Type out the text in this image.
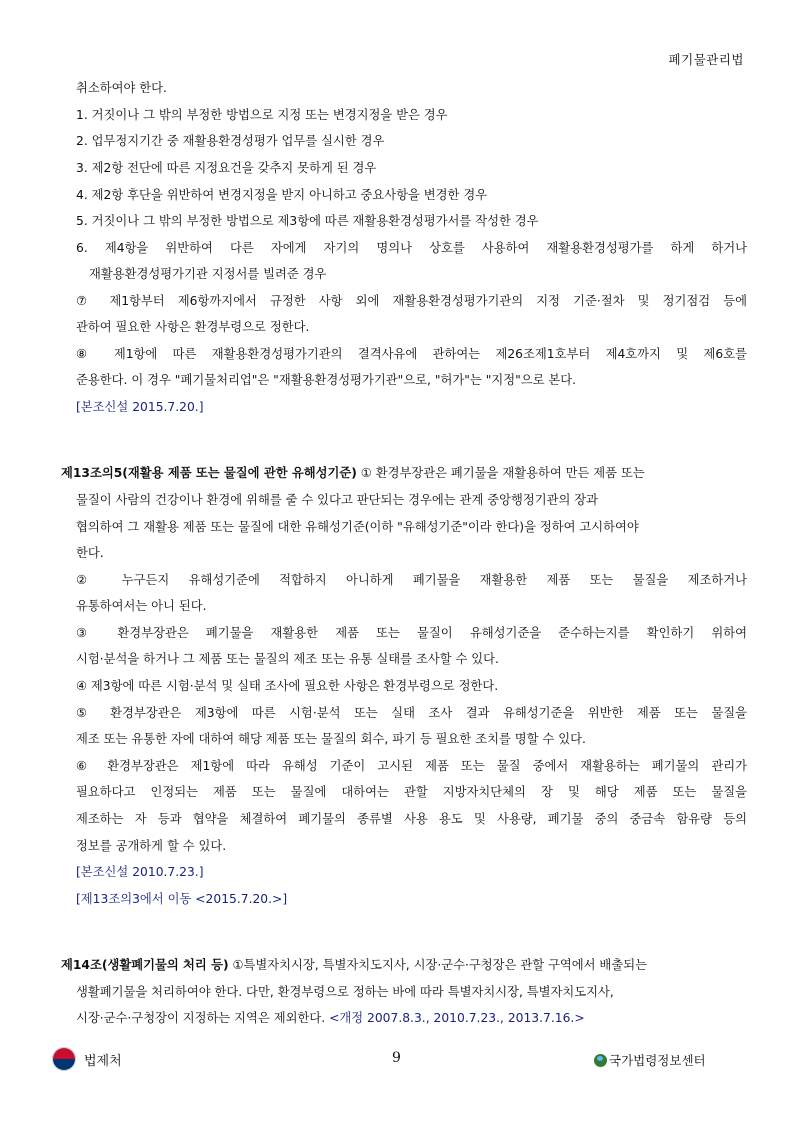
폐기물관리법
취소하여야 한다.
1. 거짓이나 그 밖의 부정한 방법으로 지정 또는 변경지정을 받은 경우
2. 업무정지기간 중 재활용환경성평가 업무를 실시한 경우
3. 제2항 전단에 따른 지정요건을 갖추지 못하게 된 경우
4. 제2항 후단을 위반하여 변경지정을 받지 아니하고 중요사항을 변경한 경우
5. 거짓이나 그 밖의 부정한 방법으로 제3항에 따른 재활용환경성평가서를 작성한 경우
6. 제4항을 위반하여 다른 자에게 자기의 명의나 상호를 사용하여 재활용환경성평가를 하게 하거나
재활용환경성평가기관 지정서를 빌려준 경우
⑦ 제1항부터 제6항까지에서 규정한 사항 외에 재활용환경성평가기관의 지정 기준·절차 및 정기점검 등에
관하여 필요한 사항은 환경부령으로 정한다.
⑧ 제1항에 따른 재활용환경성평가기관의 결격사유에 관하여는 제26조제1호부터 제4호까지 및 제6호를
준용한다. 이 경우 "폐기물처리업"은 "재활용환경성평가기관"으로, "허가"는 "지정"으로 본다.
[본조신설 2015.7.20.]
제13조의5(재활용 제품 또는 물질에 관한 유해성기준) ① 환경부장관은 폐기물을 재활용하여 만든 제품 또는
물질이 사람의 건강이나 환경에 위해를 줄 수 있다고 판단되는 경우에는 관계 중앙행정기관의 장과
협의하여 그 재활용 제품 또는 물질에 대한 유해성기준(이하 "유해성기준"이라 한다)을 정하여 고시하여야
한다.
② 누구든지 유해성기준에 적합하지 아니하게 폐기물을 재활용한 제품 또는 물질을 제조하거나
유통하여서는 아니 된다.
③ 환경부장관은 폐기물을 재활용한 제품 또는 물질이 유해성기준을 준수하는지를 확인하기 위하여
시험·분석을 하거나 그 제품 또는 물질의 제조 또는 유통 실태를 조사할 수 있다.
④ 제3항에 따른 시험·분석 및 실태 조사에 필요한 사항은 환경부령으로 정한다.
⑤ 환경부장관은 제3항에 따른 시험·분석 또는 실태 조사 결과 유해성기준을 위반한 제품 또는 물질을
제조 또는 유통한 자에 대하여 해당 제품 또는 물질의 회수, 파기 등 필요한 조치를 명할 수 있다.
⑥ 환경부장관은 제1항에 따라 유해성 기준이 고시된 제품 또는 물질 중에서 재활용하는 폐기물의 관리가
필요하다고 인정되는 제품 또는 물질에 대하여는 관할 지방자치단체의 장 및 해당 제품 또는 물질을
제조하는 자 등과 협약을 체결하여 폐기물의 종류별 사용 용도 및 사용량, 폐기물 중의 중금속 함유량 등의
정보를 공개하게 할 수 있다.
[본조신설 2010.7.23.]
[제13조의3에서 이동 <2015.7.20.>]
제14조(생활폐기물의 처리 등) ①특별자치시장, 특별자치도지사, 시장·군수·구청장은 관할 구역에서 배출되는
생활폐기물을 처리하여야 한다. 다만, 환경부령으로 정하는 바에 따라 특별자치시장, 특별자치도지사,
시장·군수·구청장이 지정하는 지역은 제외한다. <개정 2007.8.3., 2010.7.23., 2013.7.16.>
법제처	9	국가법령정보센터
